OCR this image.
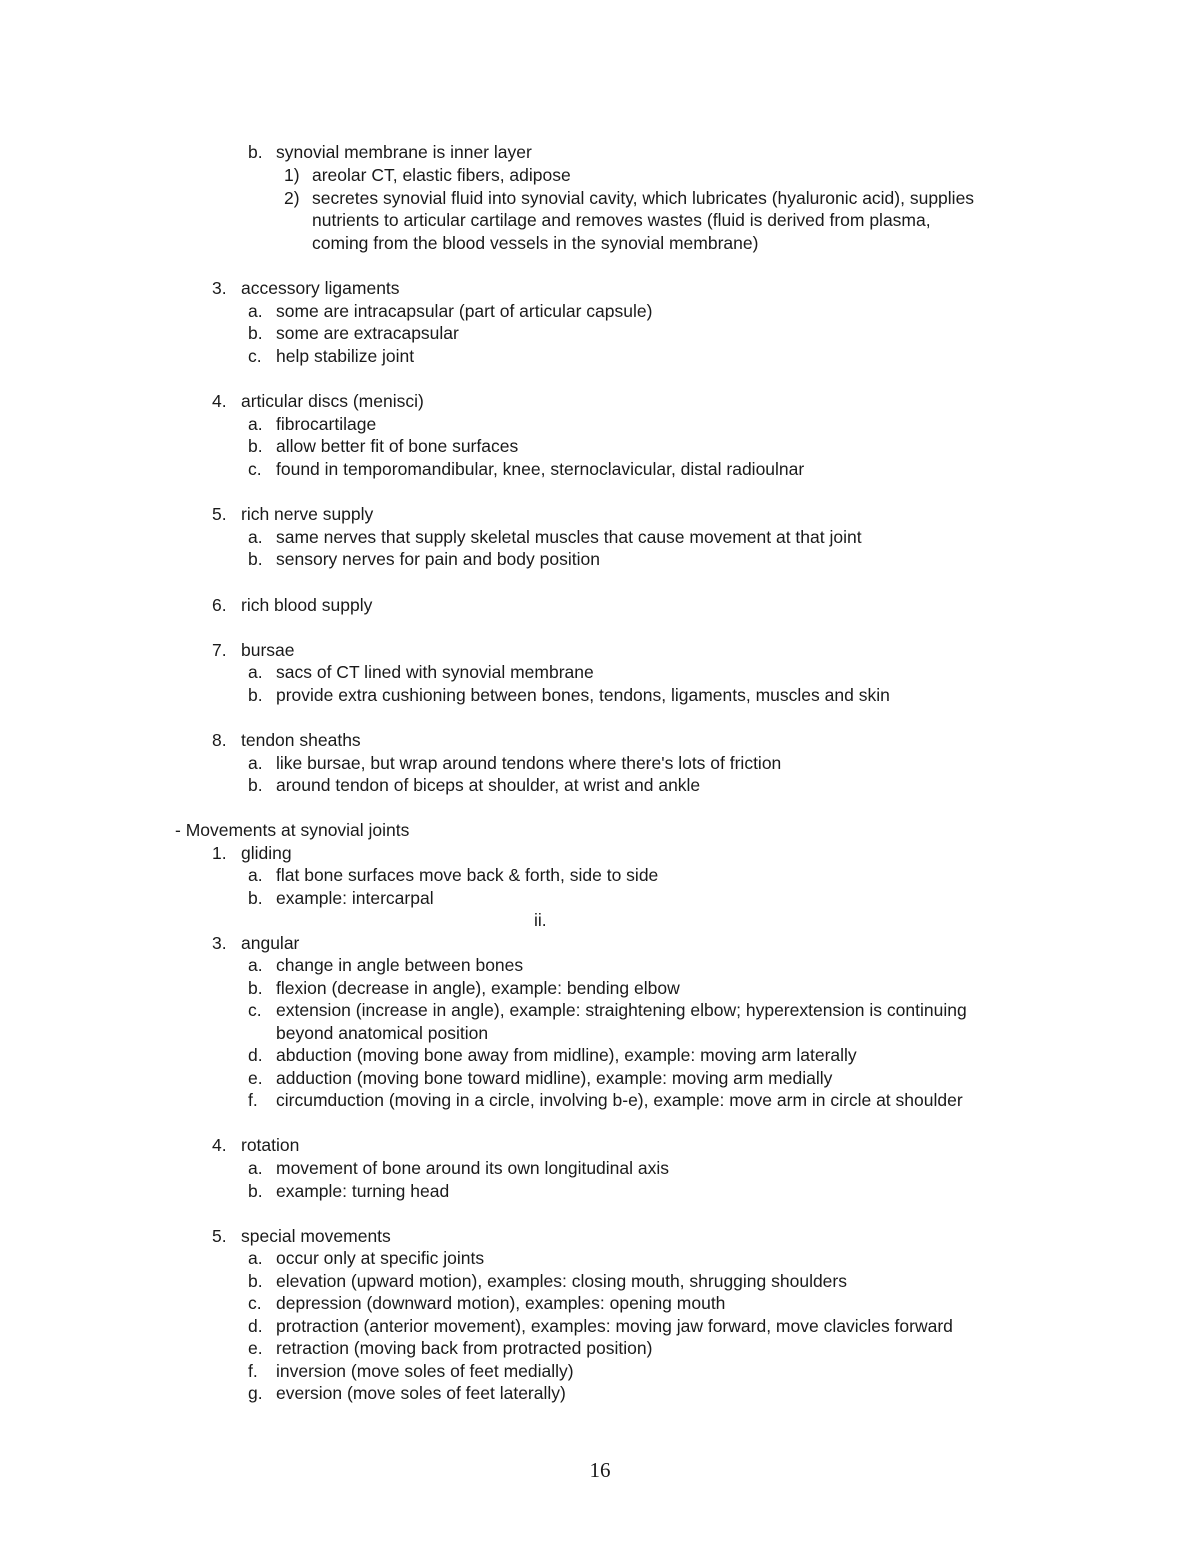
b. synovial membrane is inner layer
1) areolar CT, elastic fibers, adipose
2) secretes synovial fluid into synovial cavity, which lubricates (hyaluronic acid), supplies
nutrients to articular cartilage and removes wastes (fluid is derived from plasma,
coming from the blood vessels in the synovial membrane)
3. accessory ligaments
a. some are intracapsular (part of articular capsule)
b. some are extracapsular
c. help stabilize joint
4. articular discs (menisci)
a. fibrocartilage
b. allow better fit of bone surfaces
c. found in temporomandibular, knee, sternoclavicular, distal radioulnar
5. rich nerve supply
a. same nerves that supply skeletal muscles that cause movement at that joint
b. sensory nerves for pain and body position
6. rich blood supply
7. bursae
a. sacs of CT lined with synovial membrane
b. provide extra cushioning between bones, tendons, ligaments, muscles and skin
8. tendon sheaths
a. like bursae, but wrap around tendons where there's lots of friction
b. around tendon of biceps at shoulder, at wrist and ankle
- Movements at synovial joints
1. gliding
a. flat bone surfaces move back & forth, side to side
b. example: intercarpal
ii.
3. angular
a. change in angle between bones
b. flexion (decrease in angle), example: bending elbow
c. extension (increase in angle), example: straightening elbow; hyperextension is continuing
beyond anatomical position
d. abduction (moving bone away from midline), example: moving arm laterally
e. adduction (moving bone toward midline), example: moving arm medially
f. circumduction (moving in a circle, involving b-e), example: move arm in circle at shoulder
4. rotation
a. movement of bone around its own longitudinal axis
b. example: turning head
5. special movements
a. occur only at specific joints
b. elevation (upward motion), examples: closing mouth, shrugging shoulders
c. depression (downward motion), examples: opening mouth
d. protraction (anterior movement), examples: moving jaw forward, move clavicles forward
e. retraction (moving back from protracted position)
f. inversion (move soles of feet medially)
g. eversion (move soles of feet laterally)
16
